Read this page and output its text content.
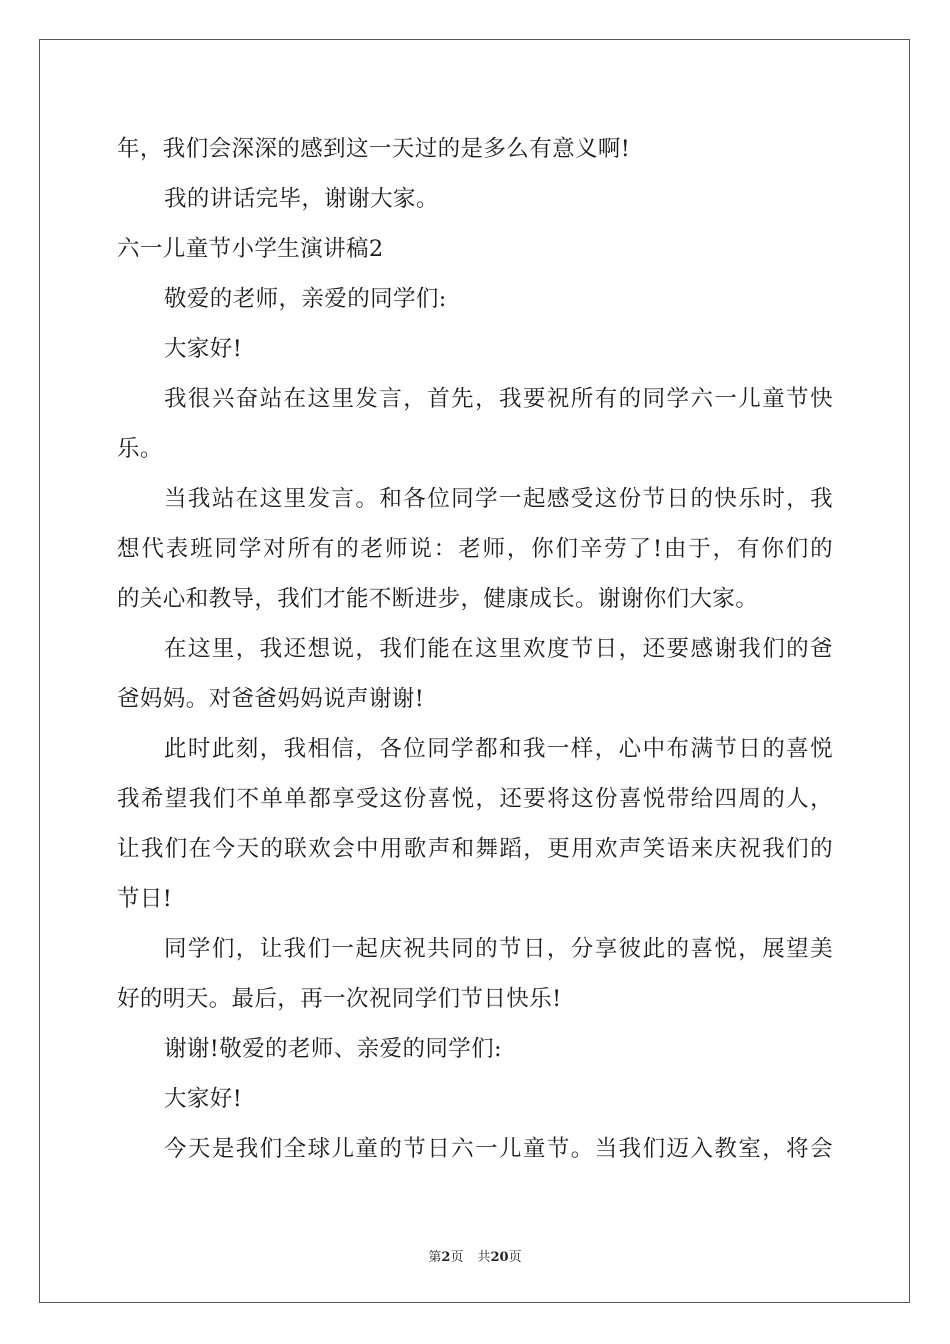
年，我们会深深的感到这一天过的是多么有意义啊!
我的讲话完毕，谢谢大家。
六一儿童节小学生演讲稿2
敬爱的老师，亲爱的同学们:
大家好!
我很兴奋站在这里发言，首先，我要祝所有的同学六一儿童节快
乐。
当我站在这里发言。和各位同学一起感受这份节日的快乐时，我
想代表班同学对所有的老师说：老师，你们辛劳了!由于，有你们的
的关心和教导，我们才能不断进步，健康成长。谢谢你们大家。
在这里，我还想说，我们能在这里欢度节日，还要感谢我们的爸
爸妈妈。对爸爸妈妈说声谢谢!
此时此刻，我相信，各位同学都和我一样，心中布满节日的喜悦
我希望我们不单单都享受这份喜悦，还要将这份喜悦带给四周的人，
让我们在今天的联欢会中用歌声和舞蹈，更用欢声笑语来庆祝我们的
节日!
同学们，让我们一起庆祝共同的节日，分享彼此的喜悦，展望美
好的明天。最后，再一次祝同学们节日快乐!
谢谢!敬爱的老师、亲爱的同学们:
大家好!
今天是我们全球儿童的节日六一儿童节。当我们迈入教室，将会
第2页 共20页
